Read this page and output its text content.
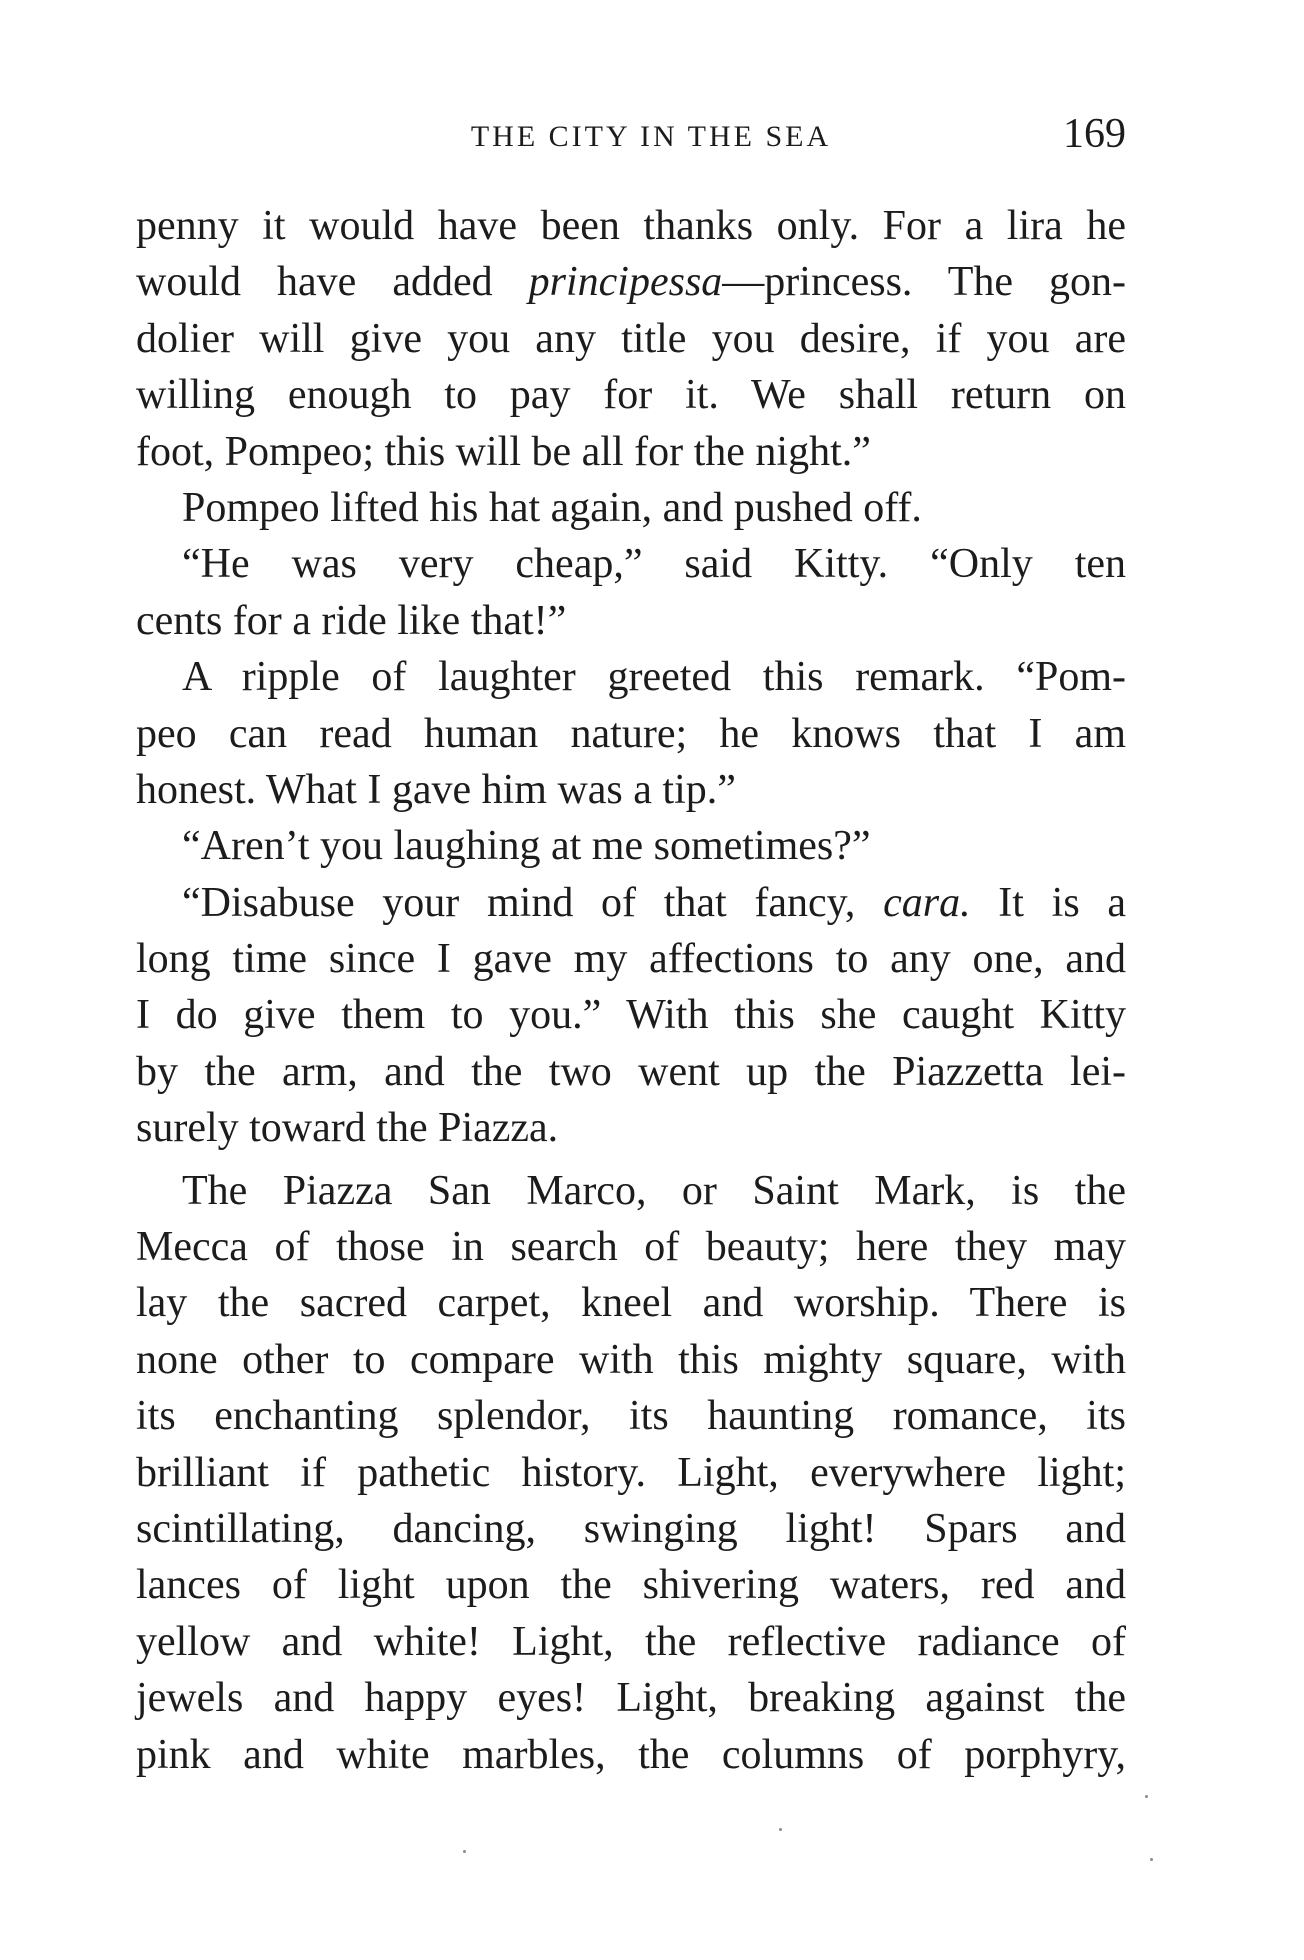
THE CITY IN THE SEA	169
penny it would have been thanks only. For a lira he
would have added principessa—princess. The gon-
dolier will give you any title you desire, if you are
willing enough to pay for it. We shall return on
foot, Pompeo; this will be all for the night.”
Pompeo lifted his hat again, and pushed off.
“He was very cheap,” said Kitty. “Only ten
cents for a ride like that!”
A ripple of laughter greeted this remark. “Pom-
peo can read human nature; he knows that I am
honest. What I gave him was a tip.”
“Aren’t you laughing at me sometimes?”
“Disabuse your mind of that fancy, cara. It is a
long time since I gave my affections to any one, and
I do give them to you.” With this she caught Kitty
by the arm, and the two went up the Piazzetta lei-
surely toward the Piazza.
The Piazza San Marco, or Saint Mark, is the
Mecca of those in search of beauty; here they may
lay the sacred carpet, kneel and worship. There is
none other to compare with this mighty square, with
its enchanting splendor, its haunting romance, its
brilliant if pathetic history. Light, everywhere light;
scintillating, dancing, swinging light! Spars and
lances of light upon the shivering waters, red and
yellow and white! Light, the reflective radiance of
jewels and happy eyes! Light, breaking against the
pink and white marbles, the columns of porphyry,
